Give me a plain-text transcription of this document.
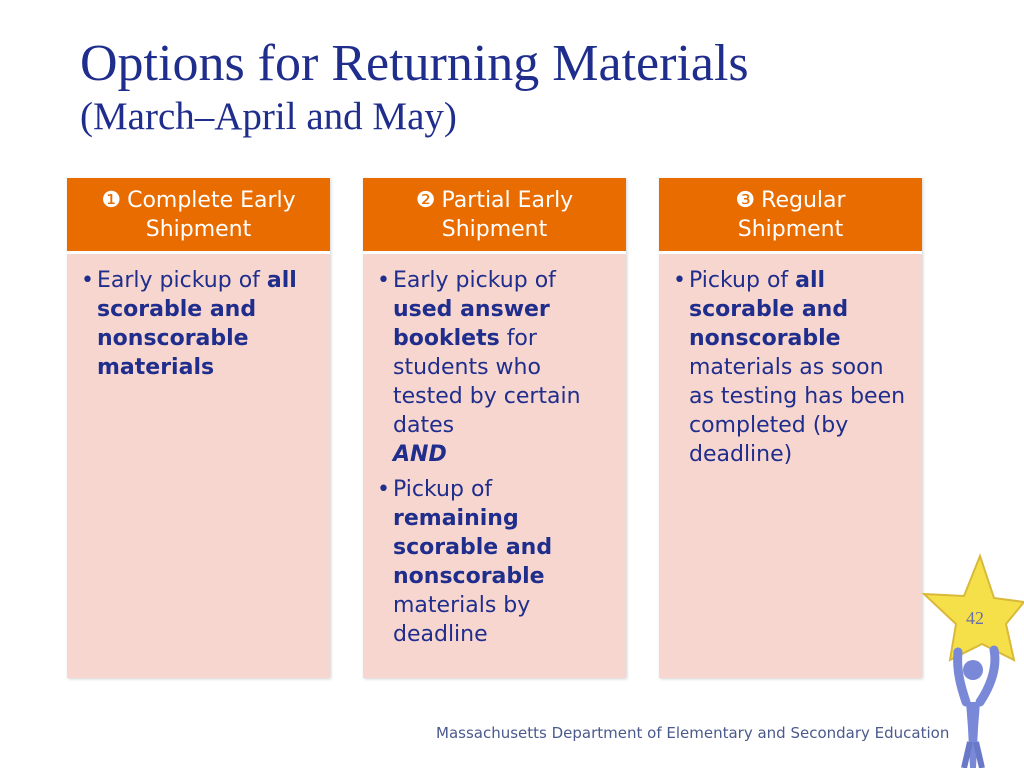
Options for Returning Materials
(March–April and May)
❶ Complete Early
Shipment
• Early pickup of all scorable and nonscorable materials
❷ Partial Early
Shipment
• Early pickup of used answer booklets for students who tested by certain dates
AND
• Pickup of remaining scorable and nonscorable materials by deadline
❸ Regular
Shipment
• Pickup of all scorable and nonscorable materials as soon as testing has been completed (by deadline)
Massachusetts Department of Elementary and Secondary Education
42
